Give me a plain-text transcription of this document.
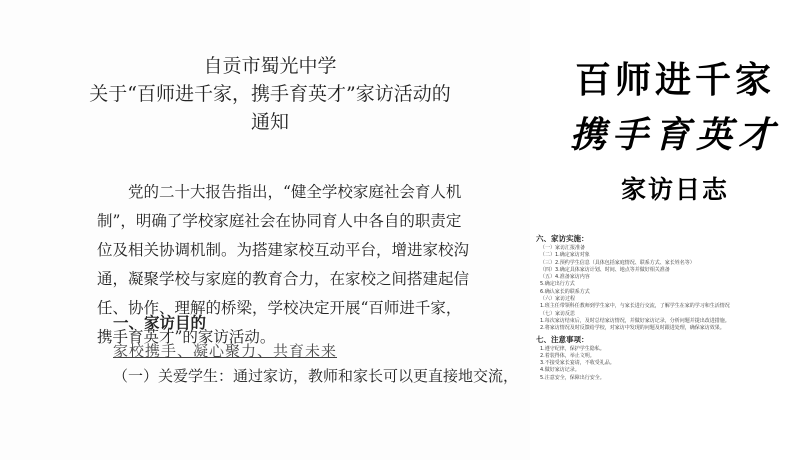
自贡市蜀光中学
关于“百师进千家，携手育英才”家访活动的
通知
党的二十大报告指出，“健全学校家庭社会育人机制”，明确了学校家庭社会在协同育人中各自的职责定位及相关协调机制。为搭建家校互动平台，增进家校沟通，凝聚学校与家庭的教育合力，在家校之间搭建起信任、协作、理解的桥梁，学校决定开展“百师进千家，携手育英才”的家访活动。
一、家访目的
家校携手、凝心聚力、共育未来
（一）关爱学生：通过家访，教师和家长可以更直接地交流，
百师进千家
携手育英才
家访日志
六、家访实施：
（一）家访汇报准备
（二）1.确定家访对象
（三）2.预约学生信息（具体包括家庭情况、联系方式、家长姓名等）
（四）3.确定具体家访计划、时间、地点等并做好相关准备
（五）4.准备家访内容
5.确定出行方式
6.确认家长的联系方式
（六）家访过程
1.班主任带领科任教师到学生家中，与家长进行交流，了解学生在家的学习和生活情况
（七）家访反思
1.每次家访结束后，及时总结家访情况，并做好家访记录，分析问题并提出改进措施。
2.将家访情况及时反馈给学校，对家访中发现的问题及时跟进处理，确保家访效果。
七、注意事项：
1.遵守纪律，保护学生隐私。
2.着装得体，举止文明。
3.不接受家长宴请，不收受礼品。
4.做好家访记录。
5.注意安全，保障出行安全。
